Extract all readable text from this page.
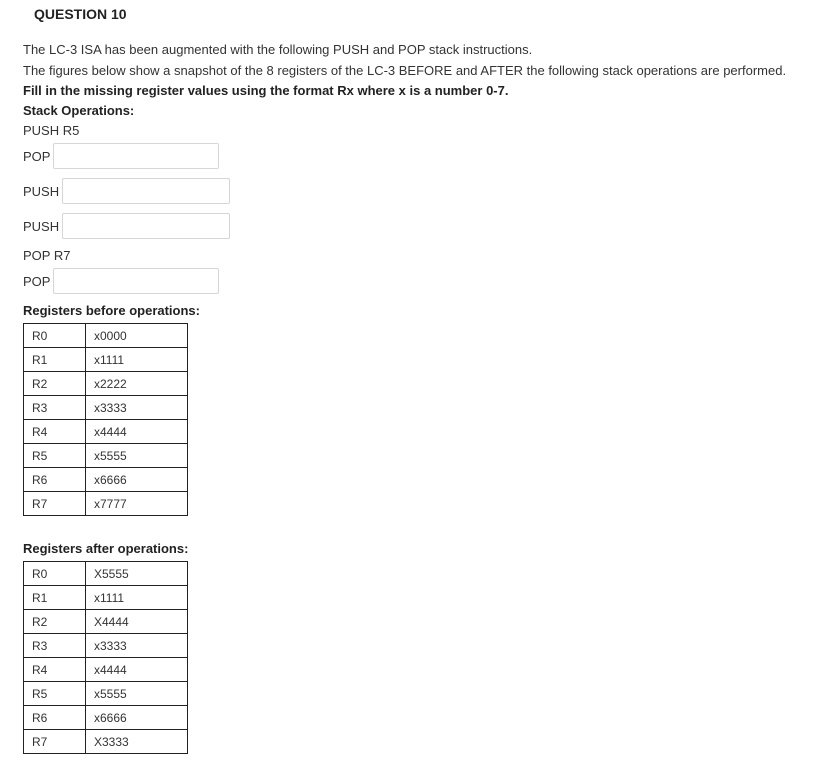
QUESTION 10
The LC-3 ISA has been augmented with the following PUSH and POP stack instructions.
The figures below show a snapshot of the 8 registers of the LC-3 BEFORE and AFTER the following stack operations are performed.
Fill in the missing register values using the format Rx where x is a number 0-7.
Stack Operations:
PUSH R5
POP
PUSH
PUSH
POP R7
POP
Registers before operations:
R0	x0000
R1	x1111
R2	x2222
R3	x3333
R4	x4444
R5	x5555
R6	x6666
R7	x7777
Registers after operations:
R0	X5555
R1	x1111
R2	X4444
R3	x3333
R4	x4444
R5	x5555
R6	x6666
R7	X3333
